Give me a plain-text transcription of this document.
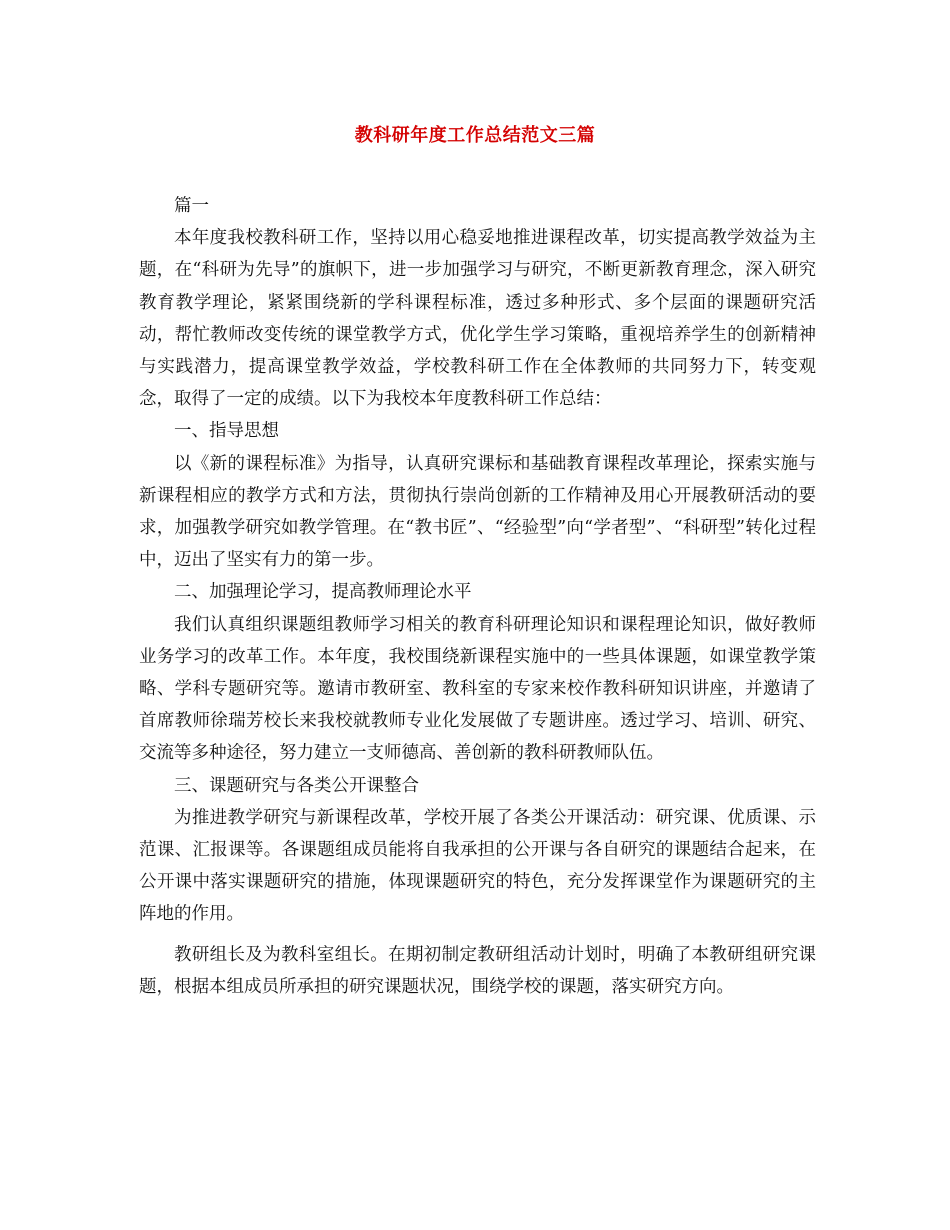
教科研年度工作总结范文三篇

篇一

本年度我校教科研工作，坚持以用心稳妥地推进课程改革，切实提高教学效益为主题，在“科研为先导”的旗帜下，进一步加强学习与研究，不断更新教育理念，深入研究教育教学理论，紧紧围绕新的学科课程标准，透过多种形式、多个层面的课题研究活动，帮忙教师改变传统的课堂教学方式，优化学生学习策略，重视培养学生的创新精神与实践潜力，提高课堂教学效益，学校教科研工作在全体教师的共同努力下，转变观念，取得了一定的成绩。以下为我校本年度教科研工作总结：

一、指导思想

以《新的课程标准》为指导，认真研究课标和基础教育课程改革理论，探索实施与新课程相应的教学方式和方法，贯彻执行崇尚创新的工作精神及用心开展教研活动的要求，加强教学研究如教学管理。在“教书匠”、“经验型”向“学者型”、“科研型”转化过程中，迈出了坚实有力的第一步。

二、加强理论学习，提高教师理论水平

我们认真组织课题组教师学习相关的教育科研理论知识和课程理论知识，做好教师业务学习的改革工作。本年度，我校围绕新课程实施中的一些具体课题，如课堂教学策略、学科专题研究等。邀请市教研室、教科室的专家来校作教科研知识讲座，并邀请了首席教师徐瑞芳校长来我校就教师专业化发展做了专题讲座。透过学习、培训、研究、交流等多种途径，努力建立一支师德高、善创新的教科研教师队伍。

三、课题研究与各类公开课整合

为推进教学研究与新课程改革，学校开展了各类公开课活动：研究课、优质课、示范课、汇报课等。各课题组成员能将自我承担的公开课与各自研究的课题结合起来，在公开课中落实课题研究的措施，体现课题研究的特色，充分发挥课堂作为课题研究的主阵地的作用。

教研组长及为教科室组长。在期初制定教研组活动计划时，明确了本教研组研究课题，根据本组成员所承担的研究课题状况，围绕学校的课题，落实研究方向。
